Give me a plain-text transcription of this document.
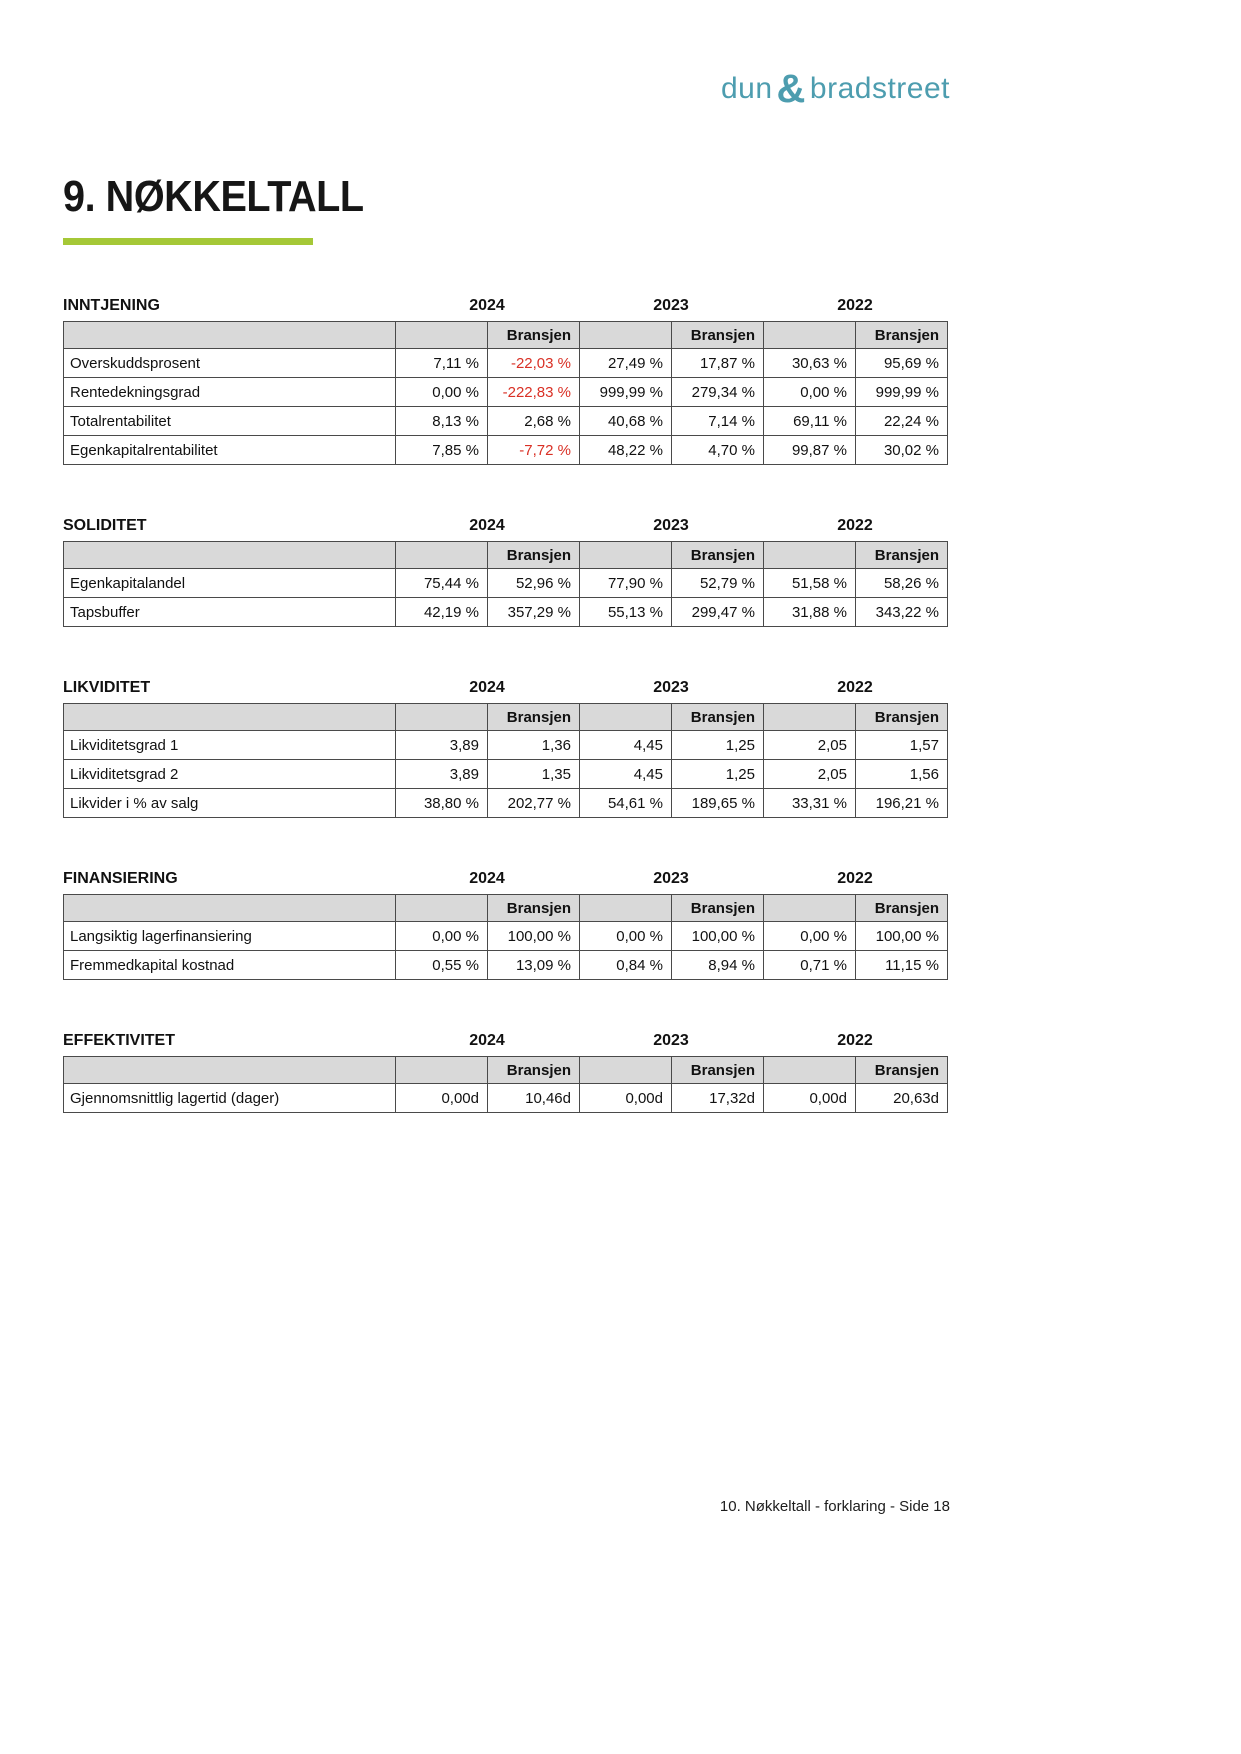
dun & bradstreet
9. NØKKELTALL
INNTJENING	2024	2023	2022
		Bransjen		Bransjen		Bransjen
Overskuddsprosent	7,11 %	-22,03 %	27,49 %	17,87 %	30,63 %	95,69 %
Rentedekningsgrad	0,00 %	-222,83 %	999,99 %	279,34 %	0,00 %	999,99 %
Totalrentabilitet	8,13 %	2,68 %	40,68 %	7,14 %	69,11 %	22,24 %
Egenkapitalrentabilitet	7,85 %	-7,72 %	48,22 %	4,70 %	99,87 %	30,02 %
SOLIDITET	2024	2023	2022
		Bransjen		Bransjen		Bransjen
Egenkapitalandel	75,44 %	52,96 %	77,90 %	52,79 %	51,58 %	58,26 %
Tapsbuffer	42,19 %	357,29 %	55,13 %	299,47 %	31,88 %	343,22 %
LIKVIDITET	2024	2023	2022
		Bransjen		Bransjen		Bransjen
Likviditetsgrad 1	3,89	1,36	4,45	1,25	2,05	1,57
Likviditetsgrad 2	3,89	1,35	4,45	1,25	2,05	1,56
Likvider i % av salg	38,80 %	202,77 %	54,61 %	189,65 %	33,31 %	196,21 %
FINANSIERING	2024	2023	2022
		Bransjen		Bransjen		Bransjen
Langsiktig lagerfinansiering	0,00 %	100,00 %	0,00 %	100,00 %	0,00 %	100,00 %
Fremmedkapital kostnad	0,55 %	13,09 %	0,84 %	8,94 %	0,71 %	11,15 %
EFFEKTIVITET	2024	2023	2022
		Bransjen		Bransjen		Bransjen
Gjennomsnittlig lagertid (dager)	0,00d	10,46d	0,00d	17,32d	0,00d	20,63d
10. Nøkkeltall - forklaring - Side 18
